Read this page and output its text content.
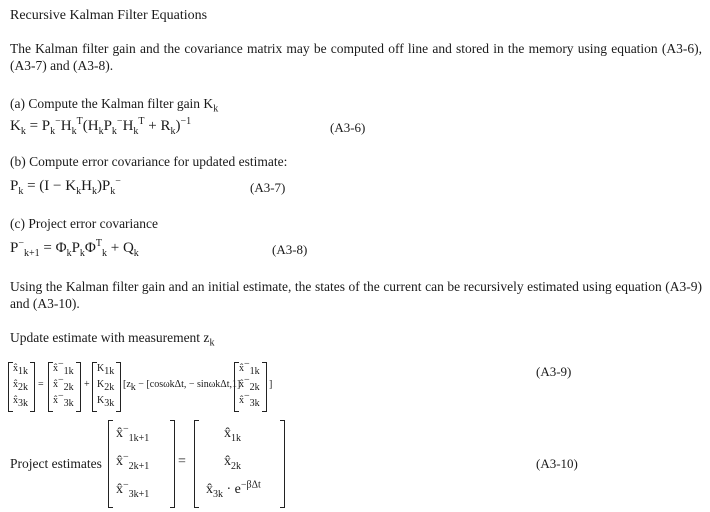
Recursive Kalman Filter Equations
The Kalman filter gain and the covariance matrix may be computed off line and stored in the memory using equation (A3-6), (A3-7) and (A3-8).
(a) Compute the Kalman filter gain $K_k$
$K_k = P_k^-H_k^T(H_kP_k^-H_k^T + R_k)^{-1}$	(A3-6)
(b) Compute error covariance for updated estimate:
$P_k = (I - K_kH_k)P_k^-$	(A3-7)
(c) Project error covariance
$P^-_{k+1} = \Phi_kP_k\Phi^T_k + Q_k$	(A3-8)
Using the Kalman filter gain and an initial estimate, the states of the current can be recursively estimated using equation (A3-9) and (A3-10).
Update estimate with measurement $z_k$
$x̂_{1k}$
$x̂_{2k}$
$x̂_{3k}$
=
$x̂^-_{1k}$
$x̂^-_{2k}$
$x̂^-_{3k}$
+
$K_{1k}$
$K_{2k}$
$K_{3k}$
[$z_k - [\cos\omega k\Delta t$, − sinωkΔt,1]
$x̂^-_{1k}$
$x̂^-_{2k}$
$x̂^-_{3k}$
]
(A3-9)
Project estimates
$x̂^-_{1k+1}$
$x̂^-_{2k+1}$
$x̂^-_{3k+1}$
=
$x̂_{1k}$
$x̂_{2k}$
$x̂_{3k} \cdot e^{-\beta\Delta t}$
(A3-10)
